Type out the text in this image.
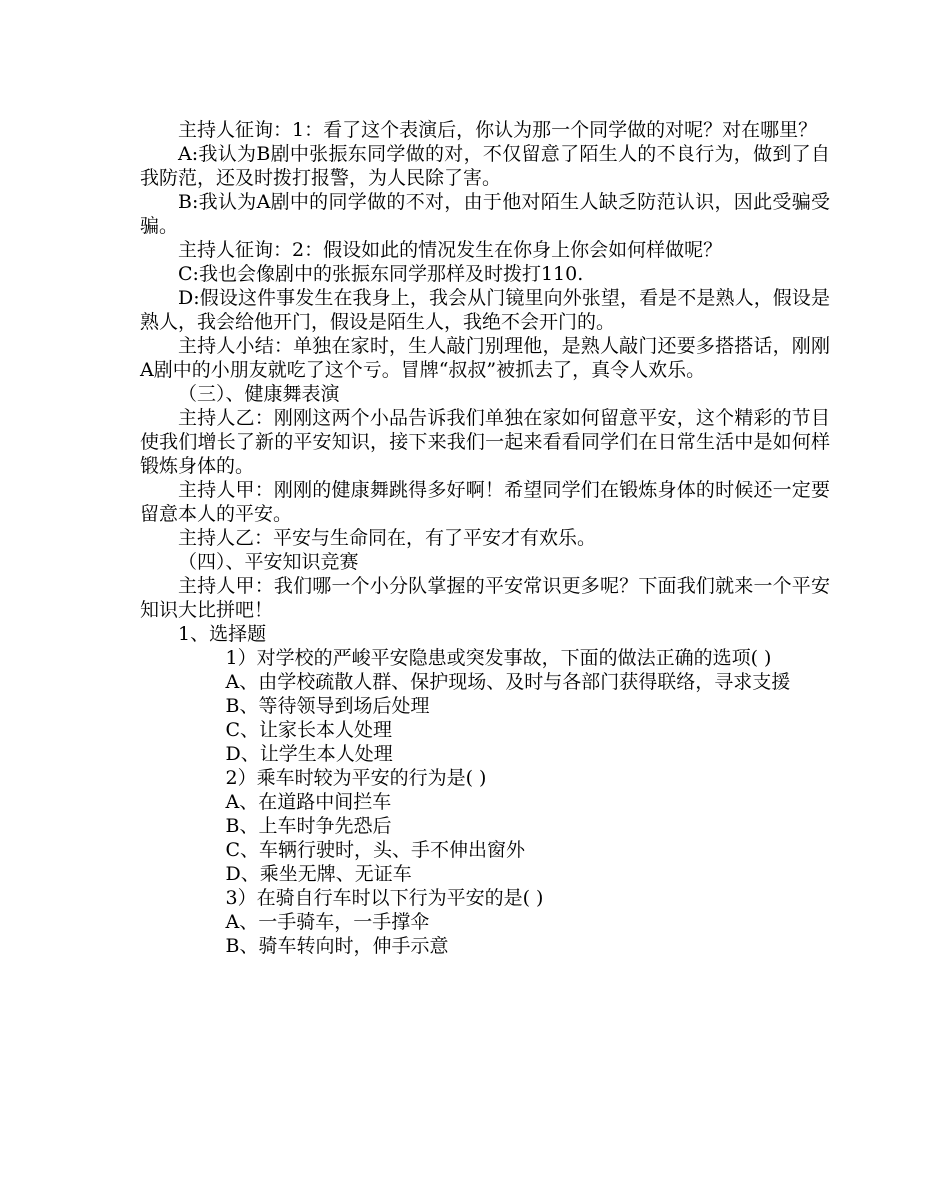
主持人征询：1：看了这个表演后，你认为那一个同学做的对呢？对在哪里？

A:我认为B剧中张振东同学做的对，不仅留意了陌生人的不良行为，做到了自我防范，还及时拨打报警，为人民除了害。

B:我认为A剧中的同学做的不对，由于他对陌生人缺乏防范认识，因此受骗受骗。

主持人征询：2：假设如此的情况发生在你身上你会如何样做呢？

C:我也会像剧中的张振东同学那样及时拨打110.

D:假设这件事发生在我身上，我会从门镜里向外张望，看是不是熟人，假设是熟人，我会给他开门，假设是陌生人，我绝不会开门的。

主持人小结：单独在家时，生人敲门别理他，是熟人敲门还要多搭搭话，刚刚A剧中的小朋友就吃了这个亏。冒牌“叔叔”被抓去了，真令人欢乐。

（三）、健康舞表演

主持人乙：刚刚这两个小品告诉我们单独在家如何留意平安，这个精彩的节目使我们增长了新的平安知识，接下来我们一起来看看同学们在日常生活中是如何样锻炼身体的。

主持人甲：刚刚的健康舞跳得多好啊！希望同学们在锻炼身体的时候还一定要留意本人的平安。

主持人乙：平安与生命同在，有了平安才有欢乐。

（四）、平安知识竞赛

主持人甲：我们哪一个小分队掌握的平安常识更多呢？下面我们就来一个平安知识大比拼吧！

1、选择题

1）对学校的严峻平安隐患或突发事故，下面的做法正确的选项( )

A、由学校疏散人群、保护现场、及时与各部门获得联络，寻求支援

B、等待领导到场后处理

C、让家长本人处理

D、让学生本人处理

2）乘车时较为平安的行为是( )

A、在道路中间拦车

B、上车时争先恐后

C、车辆行驶时，头、手不伸出窗外

D、乘坐无牌、无证车

3）在骑自行车时以下行为平安的是( )

A、一手骑车，一手撑伞

B、骑车转向时，伸手示意
